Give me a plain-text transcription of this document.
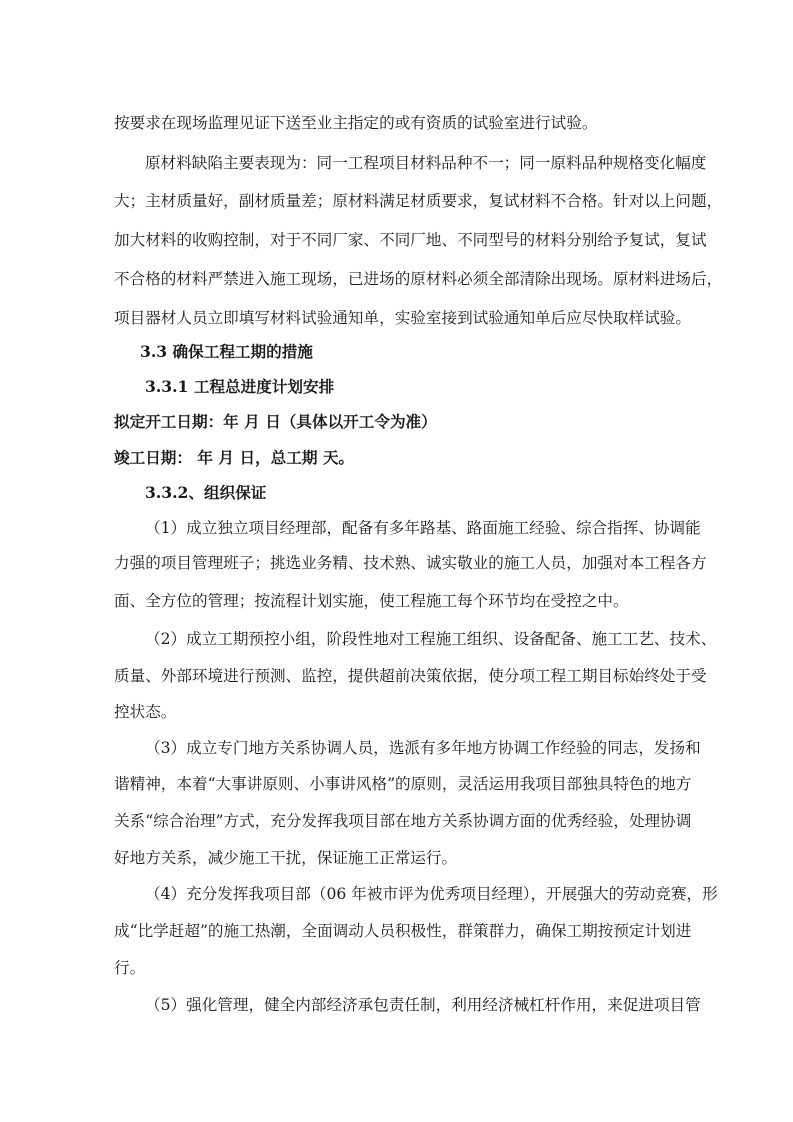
按要求在现场监理见证下送至业主指定的或有资质的试验室进行试验。
原材料缺陷主要表现为：同一工程项目材料品种不一；同一原料品种规格变化幅度
大；主材质量好，副材质量差；原材料满足材质要求，复试材料不合格。针对以上问题，
加大材料的收购控制，对于不同厂家、不同厂地、不同型号的材料分别给予复试，复试
不合格的材料严禁进入施工现场，已进场的原材料必须全部清除出现场。原材料进场后，
项目器材人员立即填写材料试验通知单，实验室接到试验通知单后应尽快取样试验。
3.3 确保工程工期的措施
3.3.1 工程总进度计划安排
拟定开工日期：年 月 日（具体以开工令为准）
竣工日期： 年 月 日，总工期 天。
3.3.2、组织保证
（1）成立独立项目经理部，配备有多年路基、路面施工经验、综合指挥、协调能
力强的项目管理班子；挑选业务精、技术熟、诚实敬业的施工人员，加强对本工程各方
面、全方位的管理；按流程计划实施，使工程施工每个环节均在受控之中。
（2）成立工期预控小组，阶段性地对工程施工组织、设备配备、施工工艺、技术、
质量、外部环境进行预测、监控，提供超前决策依据，使分项工程工期目标始终处于受
控状态。
（3）成立专门地方关系协调人员，选派有多年地方协调工作经验的同志，发扬和
谐精神，本着“大事讲原则、小事讲风格”的原则，灵活运用我项目部独具特色的地方
关系“综合治理”方式，充分发挥我项目部在地方关系协调方面的优秀经验，处理协调
好地方关系，减少施工干扰，保证施工正常运行。
（4）充分发挥我项目部（06 年被市评为优秀项目经理），开展强大的劳动竞赛，形
成“比学赶超”的施工热潮，全面调动人员积极性，群策群力，确保工期按预定计划进
行。
（5）强化管理，健全内部经济承包责任制，利用经济械杠杆作用，来促进项目管
